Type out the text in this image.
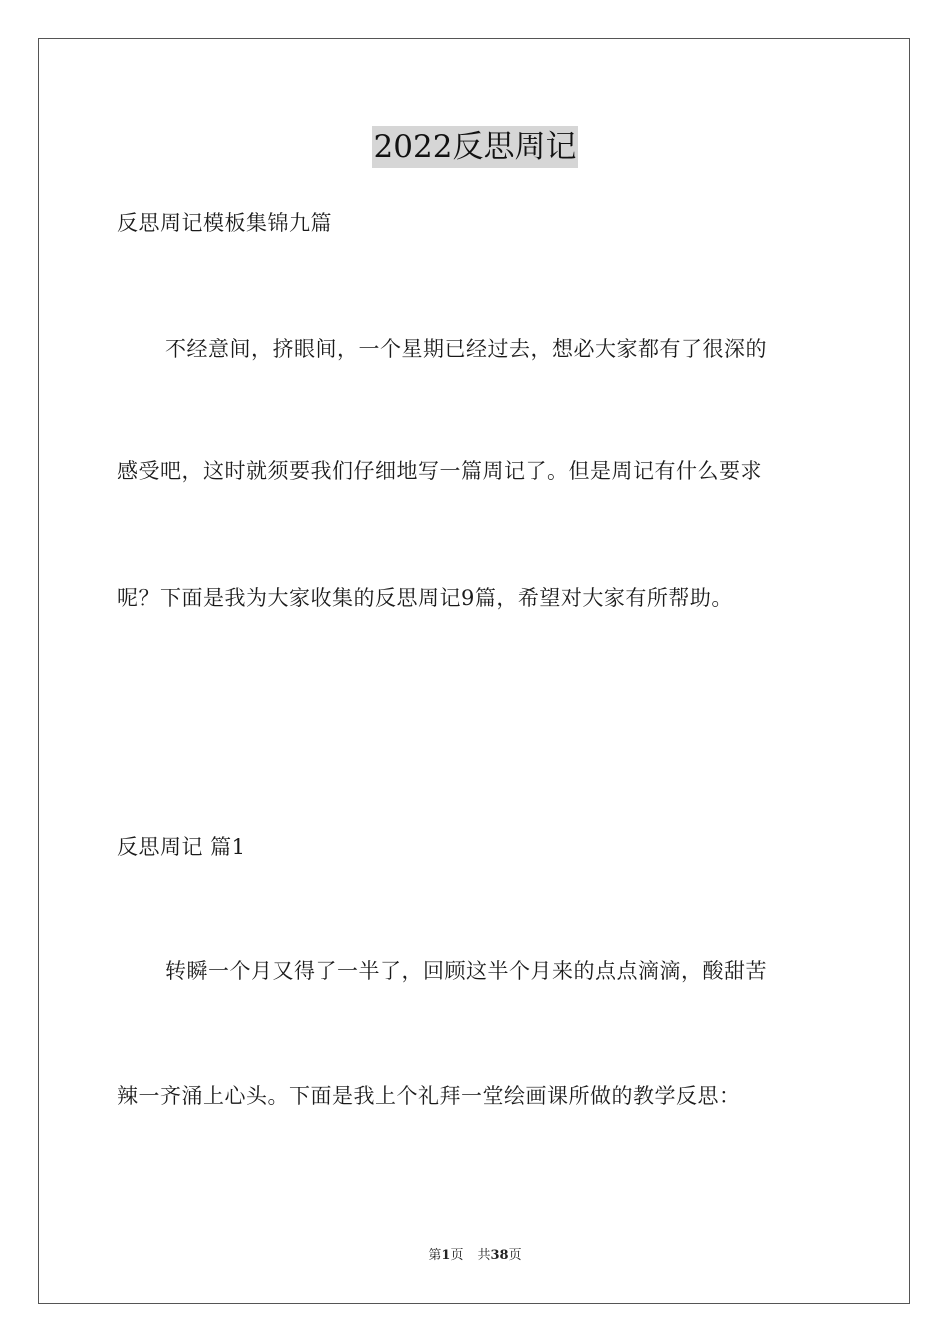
2022反思周记
反思周记模板集锦九篇
不经意间，挤眼间，一个星期已经过去，想必大家都有了很深的
感受吧，这时就须要我们仔细地写一篇周记了。但是周记有什么要求
呢？下面是我为大家收集的反思周记9篇，希望对大家有所帮助。
反思周记 篇1
转瞬一个月又得了一半了，回顾这半个月来的点点滴滴，酸甜苦
辣一齐涌上心头。下面是我上个礼拜一堂绘画课所做的教学反思：
第1页 共38页
